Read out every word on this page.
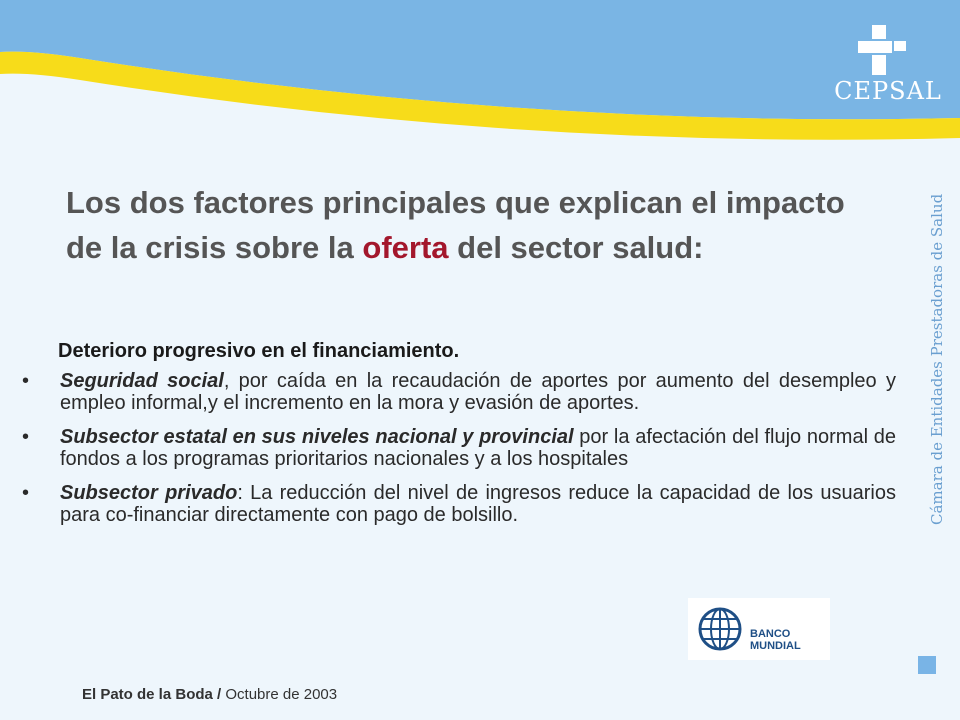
CEPSAL
Los dos factores principales que explican el impacto de la crisis sobre la oferta del sector salud:

Deterioro progresivo en el financiamiento.

• Seguridad social, por caída en la recaudación de aportes por aumento del desempleo y empleo informal,y el incremento en la mora y evasión de aportes.
• Subsector estatal en sus niveles nacional y provincial por la afectación del flujo normal de fondos a los programas prioritarios nacionales y a los hospitales
• Subsector privado: La reducción del nivel de ingresos reduce la capacidad de los usuarios para co-financiar directamente con pago de bolsillo.	Cámara de Entidades Prestadoras de Salud
BANCO
MUNDIAL

El Pato de la Boda / Octubre de 2003
